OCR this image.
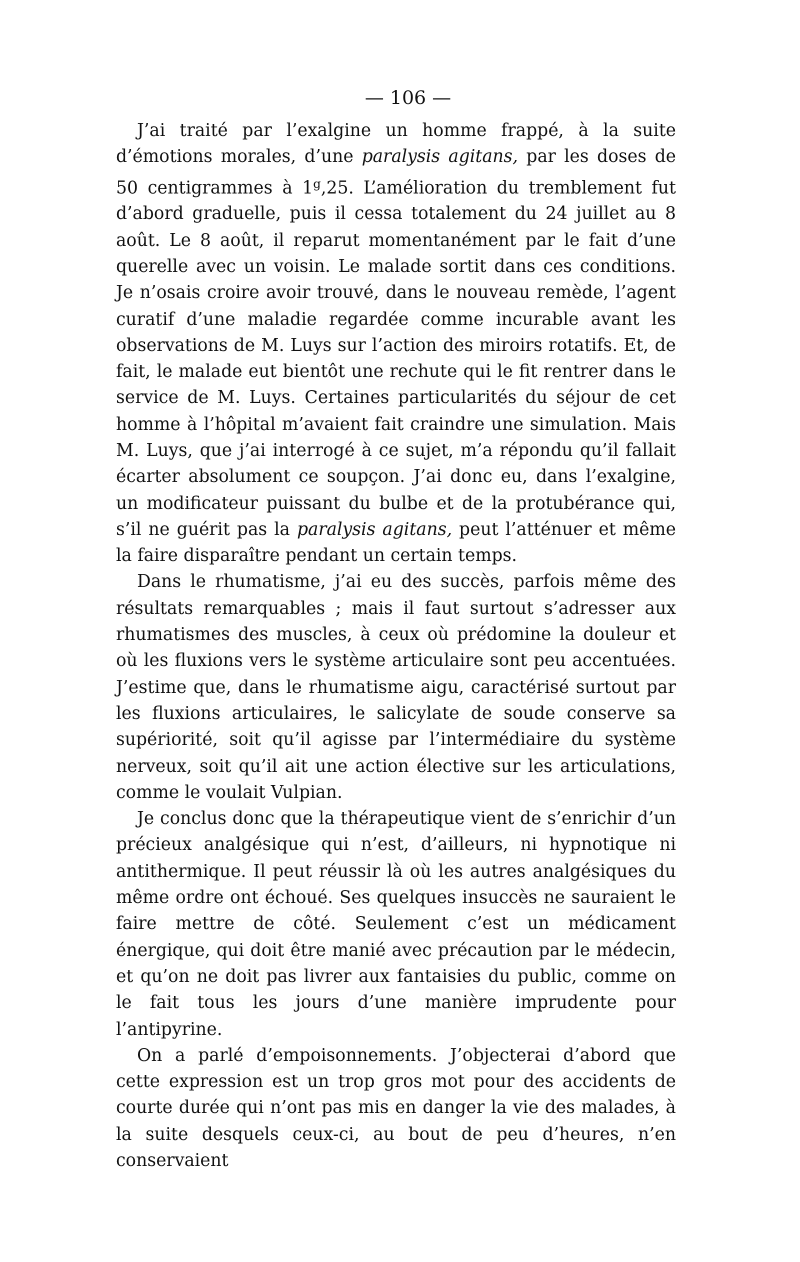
— 106 —

J’ai traité par l’exalgine un homme frappé, à la suite d’émotions morales, d’une paralysis agitans, par les doses de 50 centigrammes à 1$^g$,25. L’amélioration du tremblement fut d’abord graduelle, puis il cessa totalement du 24 juillet au 8 août. Le 8 août, il reparut momentanément par le fait d’une querelle avec un voisin. Le malade sortit dans ces conditions. Je n’osais croire avoir trouvé, dans le nouveau remède, l’agent curatif d’une maladie regardée comme incurable avant les observations de M. Luys sur l’action des miroirs rotatifs. Et, de fait, le malade eut bientôt une rechute qui le fit rentrer dans le service de M. Luys. Certaines particularités du séjour de cet homme à l’hôpital m’avaient fait craindre une simulation. Mais M. Luys, que j’ai interrogé à ce sujet, m’a répondu qu’il fallait écarter absolument ce soupçon. J’ai donc eu, dans l’exalgine, un modificateur puissant du bulbe et de la protubérance qui, s’il ne guérit pas la paralysis agitans, peut l’atténuer et même la faire disparaître pendant un certain temps.

Dans le rhumatisme, j’ai eu des succès, parfois même des résultats remarquables ; mais il faut surtout s’adresser aux rhumatismes des muscles, à ceux où prédomine la douleur et où les fluxions vers le système articulaire sont peu accentuées. J’estime que, dans le rhumatisme aigu, caractérisé surtout par les fluxions articulaires, le salicylate de soude conserve sa supériorité, soit qu’il agisse par l’intermédiaire du système nerveux, soit qu’il ait une action élective sur les articulations, comme le voulait Vulpian.

Je conclus donc que la thérapeutique vient de s’enrichir d’un précieux analgésique qui n’est, d’ailleurs, ni hypnotique ni antithermique. Il peut réussir là où les autres analgésiques du même ordre ont échoué. Ses quelques insuccès ne sauraient le faire mettre de côté. Seulement c’est un médicament énergique, qui doit être manié avec précaution par le médecin, et qu’on ne doit pas livrer aux fantaisies du public, comme on le fait tous les jours d’une manière imprudente pour l’antipyrine.

On a parlé d’empoisonnements. J’objecterai d’abord que cette expression est un trop gros mot pour des accidents de courte durée qui n’ont pas mis en danger la vie des malades, à la suite desquels ceux-ci, au bout de peu d’heures, n’en conservaient
